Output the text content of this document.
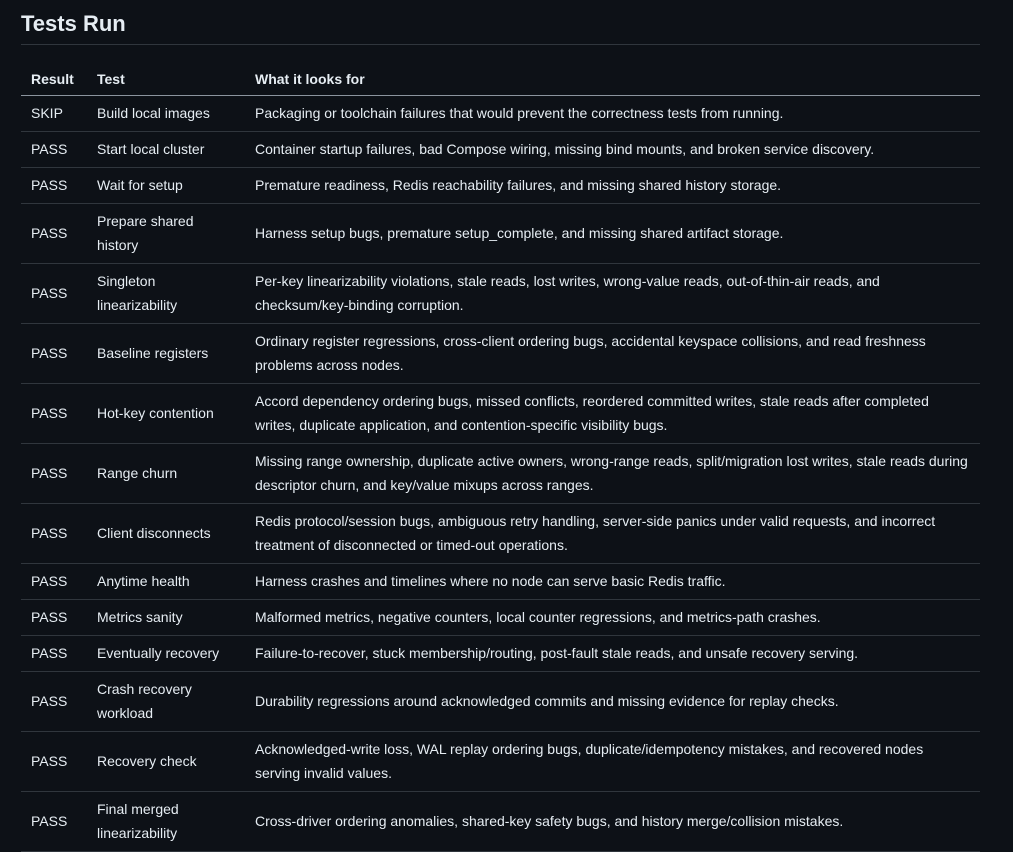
Tests Run
Result	Test	What it looks for
SKIP	Build local images	Packaging or toolchain failures that would prevent the correctness tests from running.
PASS	Start local cluster	Container startup failures, bad Compose wiring, missing bind mounts, and broken service discovery.
PASS	Wait for setup	Premature readiness, Redis reachability failures, and missing shared history storage.
PASS	Prepare shared history	Harness setup bugs, premature setup_complete, and missing shared artifact storage.
PASS	Singleton linearizability	Per-key linearizability violations, stale reads, lost writes, wrong-value reads, out-of-thin-air reads, and checksum/key-binding corruption.
PASS	Baseline registers	Ordinary register regressions, cross-client ordering bugs, accidental keyspace collisions, and read freshness problems across nodes.
PASS	Hot-key contention	Accord dependency ordering bugs, missed conflicts, reordered committed writes, stale reads after completed writes, duplicate application, and contention-specific visibility bugs.
PASS	Range churn	Missing range ownership, duplicate active owners, wrong-range reads, split/migration lost writes, stale reads during descriptor churn, and key/value mixups across ranges.
PASS	Client disconnects	Redis protocol/session bugs, ambiguous retry handling, server-side panics under valid requests, and incorrect treatment of disconnected or timed-out operations.
PASS	Anytime health	Harness crashes and timelines where no node can serve basic Redis traffic.
PASS	Metrics sanity	Malformed metrics, negative counters, local counter regressions, and metrics-path crashes.
PASS	Eventually recovery	Failure-to-recover, stuck membership/routing, post-fault stale reads, and unsafe recovery serving.
PASS	Crash recovery workload	Durability regressions around acknowledged commits and missing evidence for replay checks.
PASS	Recovery check	Acknowledged-write loss, WAL replay ordering bugs, duplicate/idempotency mistakes, and recovered nodes serving invalid values.
PASS	Final merged linearizability	Cross-driver ordering anomalies, shared-key safety bugs, and history merge/collision mistakes.
